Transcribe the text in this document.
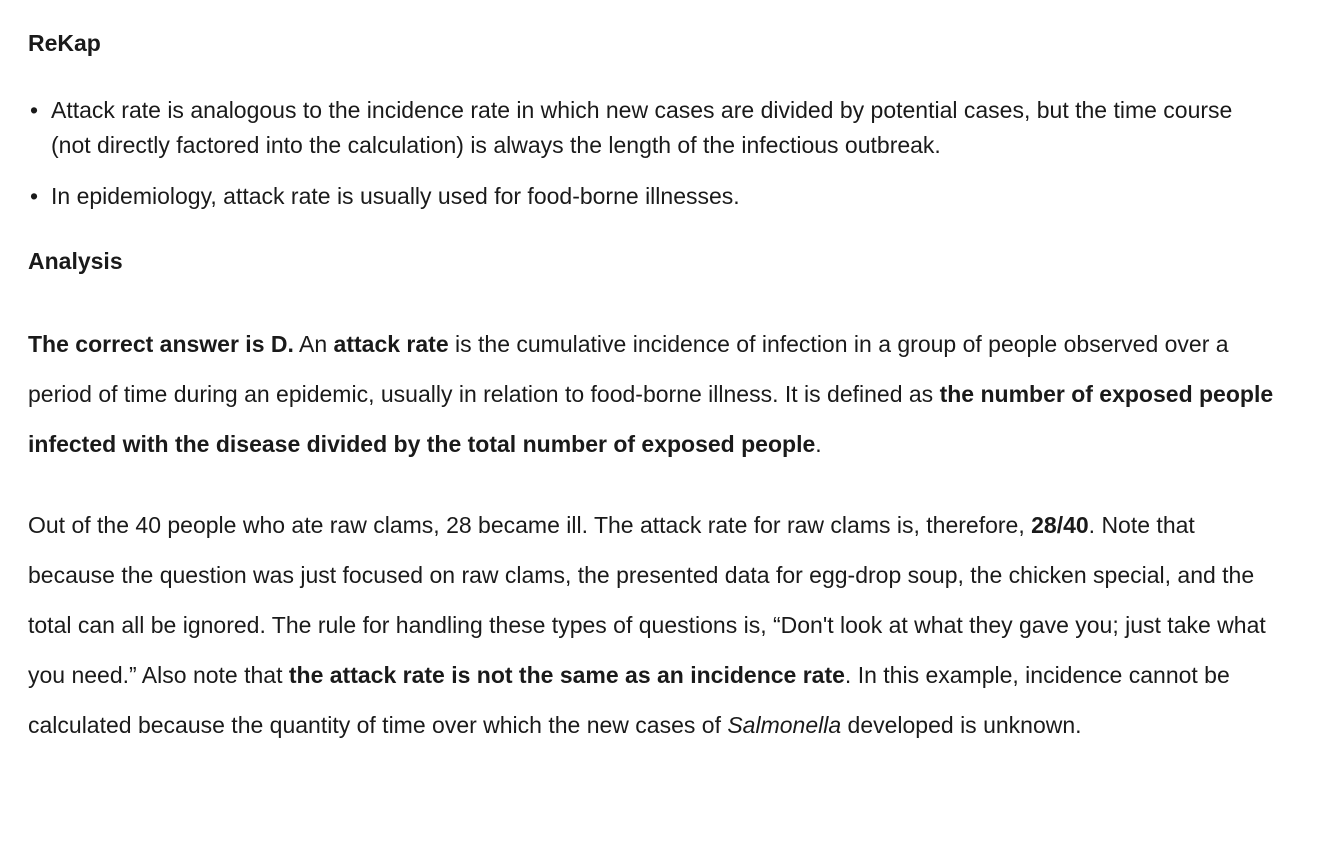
ReKap
• Attack rate is analogous to the incidence rate in which new cases are divided by potential cases, but the time course (not directly factored into the calculation) is always the length of the infectious outbreak.
• In epidemiology, attack rate is usually used for food-borne illnesses.
Analysis

The correct answer is D. An attack rate is the cumulative incidence of infection in a group of people observed over a period of time during an epidemic, usually in relation to food-borne illness. It is defined as the number of exposed people infected with the disease divided by the total number of exposed people.

Out of the 40 people who ate raw clams, 28 became ill. The attack rate for raw clams is, therefore, 28/40. Note that because the question was just focused on raw clams, the presented data for egg-drop soup, the chicken special, and the total can all be ignored. The rule for handling these types of questions is, “Don't look at what they gave you; just take what you need.” Also note that the attack rate is not the same as an incidence rate. In this example, incidence cannot be calculated because the quantity of time over which the new cases of Salmonella developed is unknown.
